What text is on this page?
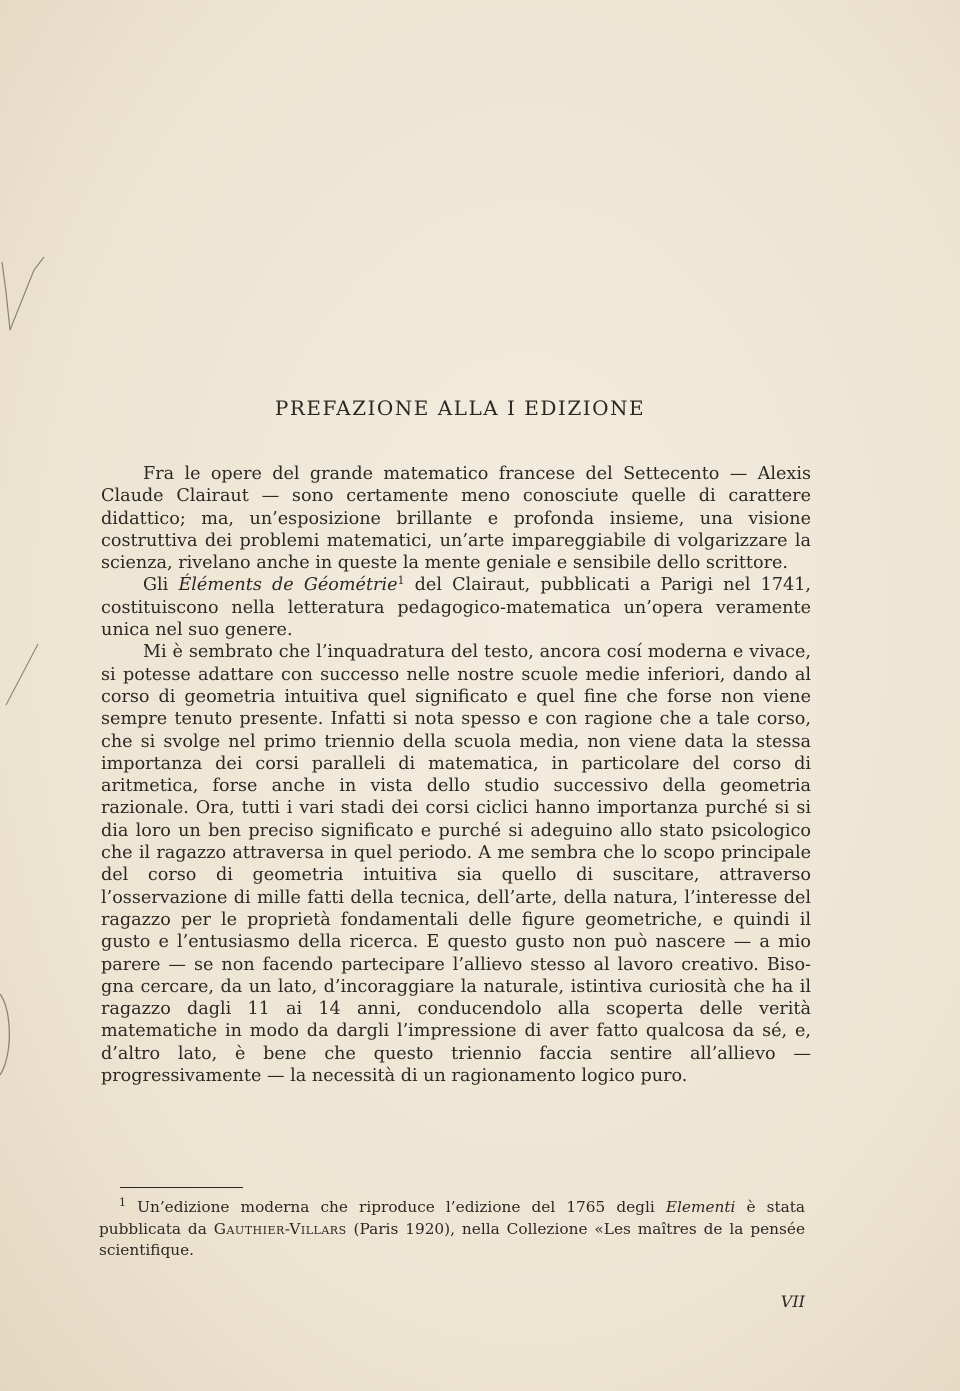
PREFAZIONE ALLA I EDIZIONE

Fra le opere del grande matematico francese del Settecento — Alexis Claude Clairaut — sono certamente meno conosciute quelle di carattere didattico; ma, un’esposizione brillante e profonda insieme, una visione costruttiva dei problemi matematici, un’arte impareggiabile di volgarizzare la scienza, rivelano anche in queste la mente geniale e sensibile dello scrittore.

Gli Éléments de Géométrie$^1$ del Clairaut, pubblicati a Parigi nel 1741, costituiscono nella letteratura pedagogico-matematica un’opera veramente unica nel suo genere.

Mi è sembrato che l’inquadratura del testo, ancora cosí moderna e vivace, si potesse adattare con successo nelle nostre scuole medie inferiori, dando al corso di geometria intuitiva quel significato e quel fine che forse non viene sempre tenuto presente. Infatti si nota spesso e con ragione che a tale corso, che si svolge nel primo triennio della scuola media, non viene data la stessa importanza dei corsi paralleli di matematica, in particolare del corso di aritmetica, forse anche in vista dello studio successivo della geometria razionale. Ora, tutti i vari stadi dei corsi ciclici hanno importanza purché si si dia loro un ben preciso significato e purché si adeguino allo stato psicologico che il ragazzo attraversa in quel periodo. A me sembra che lo scopo principale del corso di geometria intuitiva sia quello di suscitare, attraverso l’osservazione di mille fatti della tecnica, dell’arte, della natura, l’interesse del ragazzo per le proprietà fondamentali delle figure geometriche, e quindi il gusto e l’entusiasmo della ricerca. E questo gusto non può nascere — a mio parere — se non facendo partecipare l’allievo stesso al lavoro creativo. Bisogna cercare, da un lato, d’incoraggiare la naturale, istintiva curiosità che ha il ragazzo dagli 11 ai 14 anni, conducendolo alla scoperta delle verità matematiche in modo da dargli l’impressione di aver fatto qualcosa da sé, e, d’altro lato, è bene che questo triennio faccia sentire all’allievo — progressivamente — la necessità di un ragionamento logico puro.

$^1$ Un’edizione moderna che riproduce l’edizione del 1765 degli Elementi è stata pubblicata da Gauthier-Villars (Paris 1920), nella Collezione «Les maîtres de la pensée scientifique.
VII
